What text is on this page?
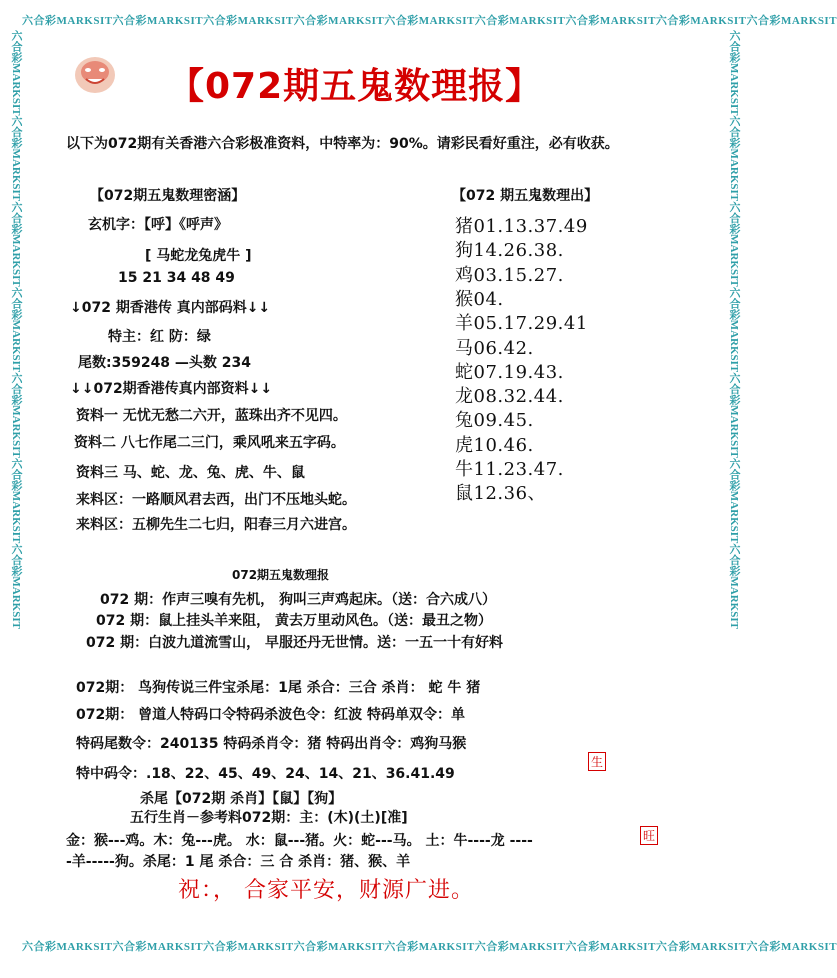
六合彩MARKSIT六合彩MARKSIT六合彩MARKSIT六合彩MARKSIT六合彩MARKSIT六合彩MARKSIT六合彩MARKSIT六合彩MARKSIT六合彩MARKSIT
六合彩MARKSIT六合彩MARKSIT六合彩MARKSIT六合彩MARKSIT六合彩MARKSIT六合彩MARKSIT六合彩MARKSIT六合彩MARKSIT六合彩MARKSIT
六合彩MARKSIT六合彩MARKSIT六合彩MARKSIT六合彩MARKSIT六合彩MARKSIT六合彩MARKSIT六合彩MARKSIT	六合彩MARKSIT六合彩MARKSIT六合彩MARKSIT六合彩MARKSIT六合彩MARKSIT六合彩MARKSIT六合彩MARKSIT
【072期五鬼数理报】
以下为072期有关香港六合彩极准资料，中特率为：90%。请彩民看好重注，必有收获。
【072期五鬼数理密涵】
玄机字：【呼】《呼声》
[ 马蛇龙兔虎牛 ]
15 21 34 48 49
↓072 期香港传 真内部码料↓↓
特主：红 防：绿
尾数:359248 —头数 234
↓↓072期香港传真内部资料↓↓
资料一 无忧无愁二六开，蓝珠出齐不见四。
资料二 八七作尾二三门，乘风吼来五字码。
资料三 马、蛇、龙、兔、虎、牛、鼠
来料区：一路顺风君去西，出门不压地头蛇。
来料区：五柳先生二七归，阳春三月六进宫。
【072 期五鬼数理出】
猪01.13.37.49
狗14.26.38.
鸡03.15.27.
猴04.
羊05.17.29.41
马06.42.
蛇07.19.43.
龙08.32.44.
兔09.45.
虎10.46.
牛11.23.47.
鼠12.36、
072期五鬼数理报
072 期：作声三嗅有先机， 狗叫三声鸡起床。（送：合六成八）
072 期：鼠上挂头羊来阻， 黄去万里动风色。（送：最丑之物）
072 期：白波九道流雪山， 早服还丹无世情。送：一五一十有好料
072期： 鸟狗传说三件宝杀尾：1尾 杀合：三合 杀肖： 蛇 牛 猪
072期： 曾道人特码口令特码杀波色令：红波 特码单双令：单
特码尾数令：240135 特码杀肖令：猪 特码出肖令：鸡狗马猴
特中码令：.18、22、45、49、24、14、21、36.41.49
杀尾【072期 杀肖】【鼠】【狗】
五行生肖－参考料072期：主：(木)(土)[准]
金：猴---鸡。木：兔---虎。 水：鼠---猪。火：蛇---马。 土：牛----龙 ----
-羊-----狗。杀尾：1 尾 杀合：三 合 杀肖：猪、猴、羊
生
旺
祝：， 合家平安，财源广进。
